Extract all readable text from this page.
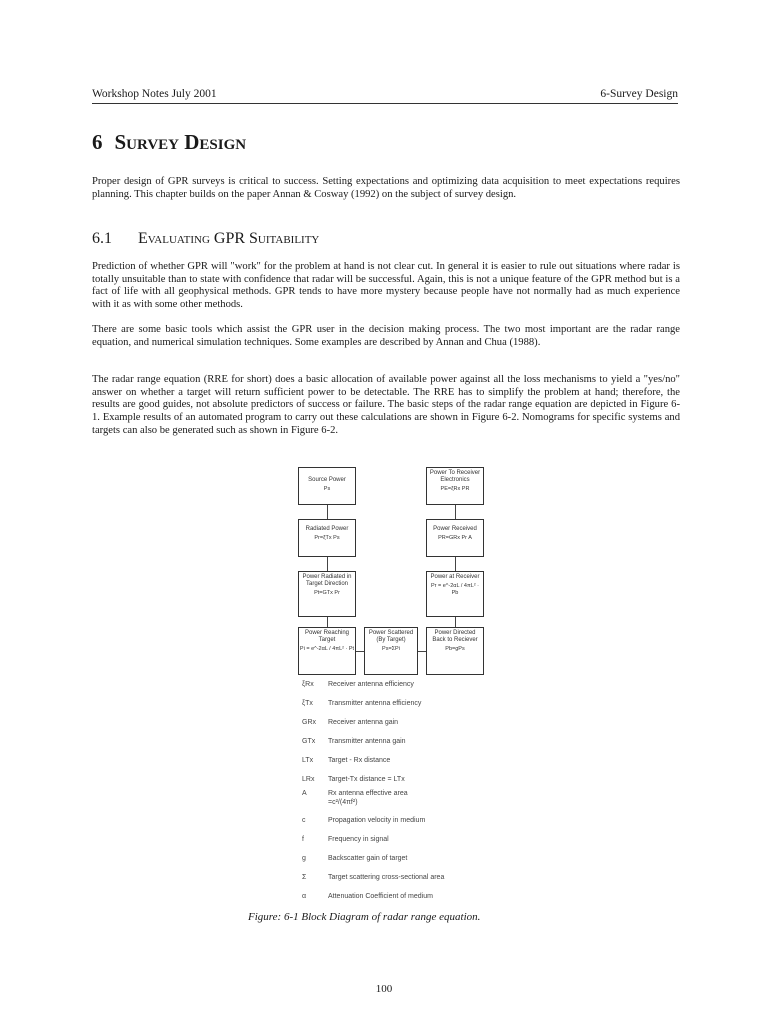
Workshop Notes July 2001	6-Survey Design
6 Survey Design

Proper design of GPR surveys is critical to success. Setting expectations and optimizing data acquisition to meet expectations requires planning. This chapter builds on the paper Annan & Cosway (1992) on the subject of survey design.

6.1 Evaluating GPR Suitability

Prediction of whether GPR will "work" for the problem at hand is not clear cut. In general it is easier to rule out situations where radar is totally unsuitable than to state with confidence that radar will be successful. Again, this is not a unique feature of the GPR method but is a fact of life with all geophysical methods. GPR tends to have more mystery because people have not normally had as much experience with it as with some other methods.

There are some basic tools which assist the GPR user in the decision making process. The two most important are the radar range equation, and numerical simulation techniques. Some examples are described by Annan and Chua (1988).

The radar range equation (RRE for short) does a basic allocation of available power against all the loss mechanisms to yield a "yes/no" answer on whether a target will return sufficient power to be detectable. The RRE has to simplify the problem at hand; therefore, the results are good guides, not absolute predictors of success or failure. The basic steps of the radar range equation are depicted in Figure 6-1. Example results of an automated program to carry out these calculations are shown in Figure 6-2. Nomograms for specific systems and targets can also be generated such as shown in Figure 6-2.

Source Power
Ps
Radiated Power
Pr=ξTx Ps
Power Radiated in Target Direction
Pt=GTx Pr
Power Reaching Target
Pi = e^-2αL / 4πL² · Pt
Power Scattered (By Target)
Ps=ΣPi
Power Directed Back to Reciever
Pb=gPs
Power at Receiver
Pr = e^-2αL / 4πL² · Pb
Power Received
PR=GRx Pr A
Power To Receiver Electronics
PE=ξRx PR
ξRx	Receiver antenna efficiency
ξTx	Transmitter antenna efficiency
GRx	Receiver antenna gain
GTx	Transmitter antenna gain
LTx	Target - Rx distance
LRx	Target-Tx distance = LTx
A	Rx antenna effective area =c²/(4πf²)
c	Propagation velocity in medium
f	Frequency in signal
g	Backscatter gain of target
Σ	Target scattering cross-sectional area
α	Attenuation Coefficient of medium

Figure: 6-1 Block Diagram of radar range equation.

100
